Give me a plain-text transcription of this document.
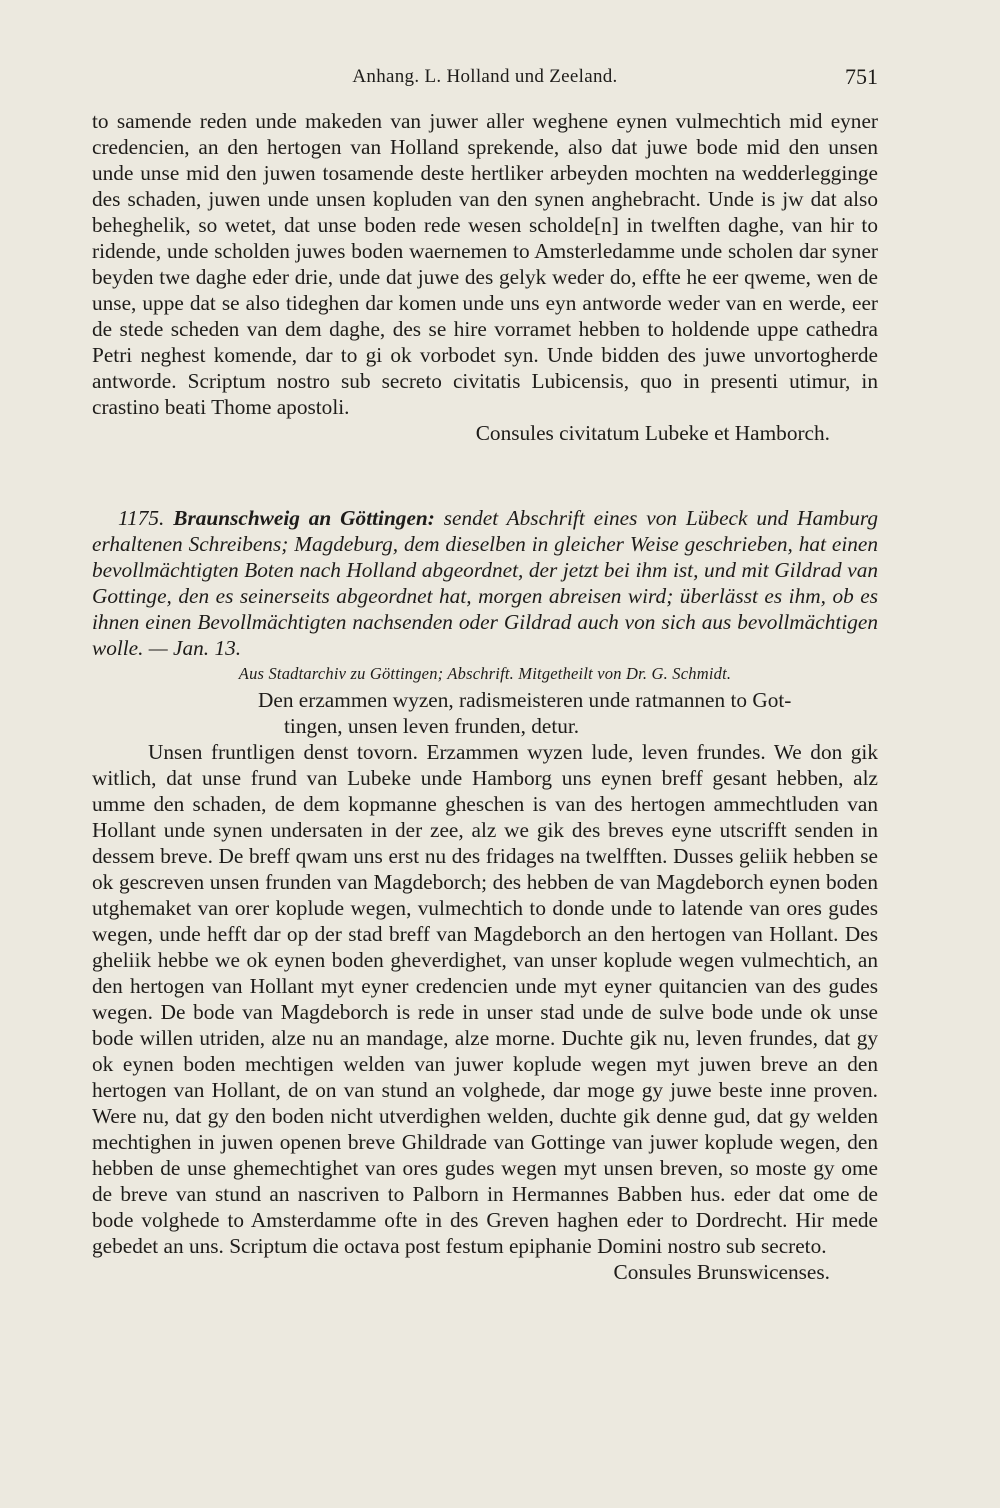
Anhang. L. Holland und Zeeland.	751

to samende reden unde makeden van juwer aller weghene eynen vulmechtich mid eyner credencien, an den hertogen van Holland sprekende, also dat juwe bode mid den unsen unde unse mid den juwen tosamende deste hertliker arbeyden mochten na wedderlegginge des schaden, juwen unde unsen kopluden van den synen anghebracht. Unde is jw dat also beheghelik, so wetet, dat unse boden rede wesen scholde[n] in twelften daghe, van hir to ridende, unde scholden juwes boden waernemen to Amsterledamme unde scholen dar syner beyden twe daghe eder drie, unde dat juwe des gelyk weder do, effte he eer qweme, wen de unse, uppe dat se also tideghen dar komen unde uns eyn antworde weder van en werde, eer de stede scheden van dem daghe, des se hire vorramet hebben to holdende uppe cathedra Petri neghest komende, dar to gi ok vorbodet syn. Unde bidden des juwe unvortogherde antworde. Scriptum nostro sub secreto civitatis Lubicensis, quo in presenti utimur, in crastino beati Thome apostoli.

Consules civitatum Lubeke et Hamborch.

1175. Braunschweig an Göttingen: sendet Abschrift eines von Lübeck und Hamburg erhaltenen Schreibens; Magdeburg, dem dieselben in gleicher Weise geschrieben, hat einen bevollmächtigten Boten nach Holland abgeordnet, der jetzt bei ihm ist, und mit Gildrad van Gottinge, den es seinerseits abgeordnet hat, morgen abreisen wird; überlässt es ihm, ob es ihnen einen Bevollmächtigten nachsenden oder Gildrad auch von sich aus bevollmächtigen wolle. — Jan. 13.

Aus Stadtarchiv zu Göttingen; Abschrift. Mitgetheilt von Dr. G. Schmidt.

Den erzammen wyzen, radismeisteren unde ratmannen to Got-
tingen, unsen leven frunden, detur.

Unsen fruntligen denst tovorn. Erzammen wyzen lude, leven frundes. We don gik witlich, dat unse frund van Lubeke unde Hamborg uns eynen breff gesant hebben, alz umme den schaden, de dem kopmanne gheschen is van des hertogen ammechtluden van Hollant unde synen undersaten in der zee, alz we gik des breves eyne utscrifft senden in dessem breve. De breff qwam uns erst nu des fridages na twelfften. Dusses geliik hebben se ok gescreven unsen frunden van Magdeborch; des hebben de van Magdeborch eynen boden utghemaket van orer koplude wegen, vulmechtich to donde unde to latende van ores gudes wegen, unde hefft dar op der stad breff van Magdeborch an den hertogen van Hollant. Des gheliik hebbe we ok eynen boden gheverdighet, van unser koplude wegen vulmechtich, an den hertogen van Hollant myt eyner credencien unde myt eyner quitancien van des gudes wegen. De bode van Magdeborch is rede in unser stad unde de sulve bode unde ok unse bode willen utriden, alze nu an mandage, alze morne. Duchte gik nu, leven frundes, dat gy ok eynen boden mechtigen welden van juwer koplude wegen myt juwen breve an den hertogen van Hollant, de on van stund an volghede, dar moge gy juwe beste inne proven. Were nu, dat gy den boden nicht utverdighen welden, duchte gik denne gud, dat gy welden mechtighen in juwen openen breve Ghildrade van Gottinge van juwer koplude wegen, den hebben de unse ghemechtighet van ores gudes wegen myt unsen breven, so moste gy ome de breve van stund an nascriven to Palborn in Hermannes Babben hus. eder dat ome de bode volghede to Amsterdamme ofte in des Greven haghen eder to Dordrecht. Hir mede gebedet an uns. Scriptum die octava post festum epiphanie Domini nostro sub secreto.

Consules Brunswicenses.
